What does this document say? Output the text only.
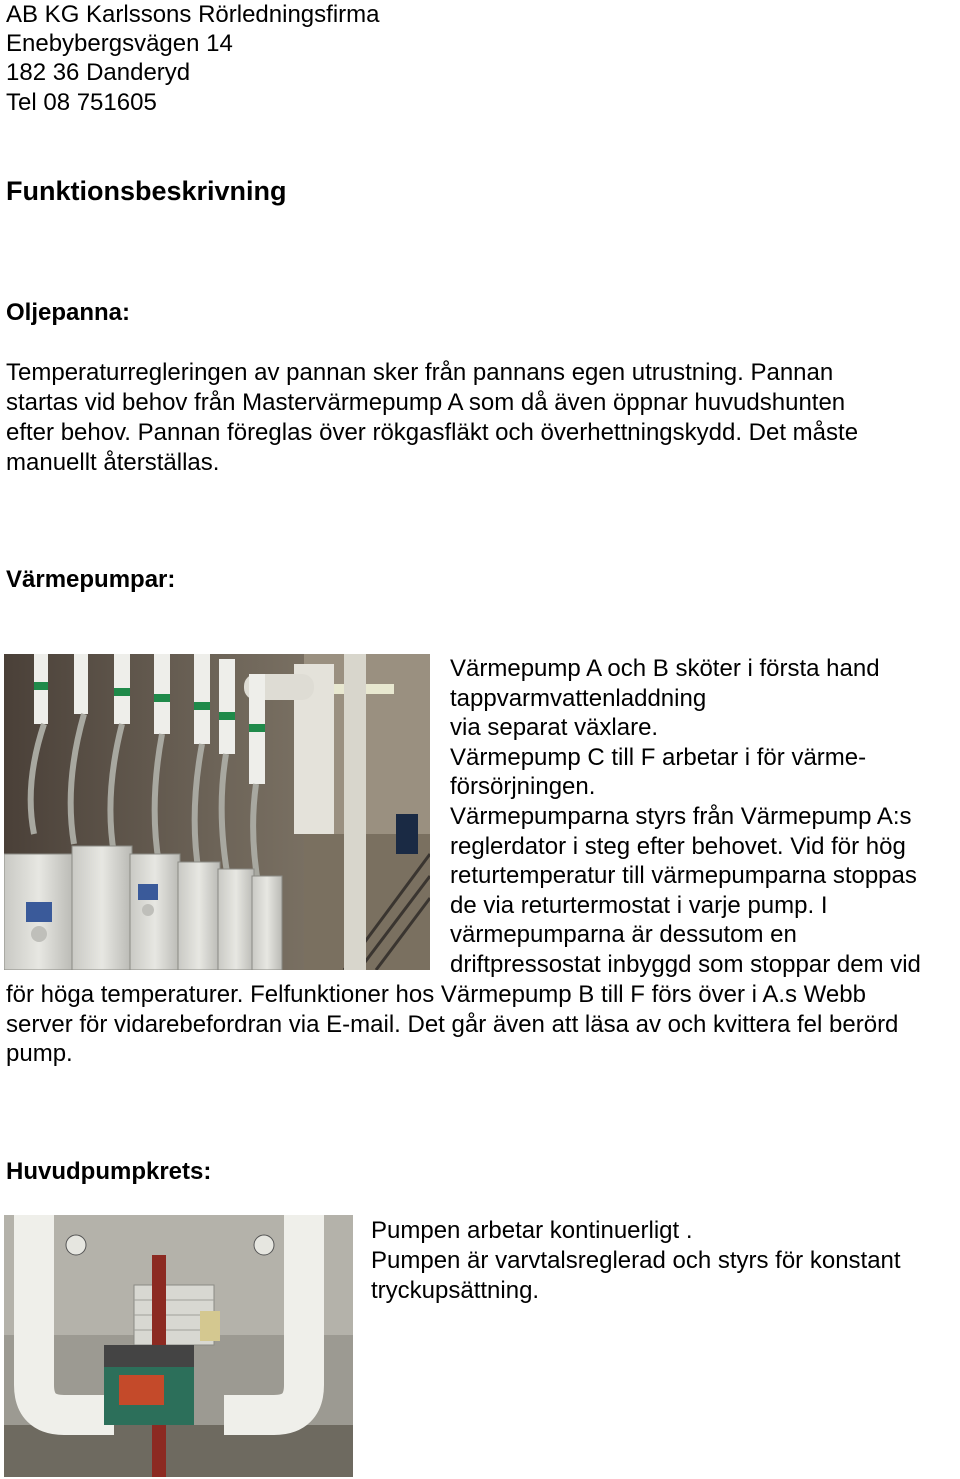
AB KG Karlssons Rörledningsfirma
Enebybergsvägen 14
182 36 Danderyd
Tel 08 751605
Funktionsbeskrivning
Oljepanna:
Temperaturregleringen av pannan sker från pannans egen utrustning. Pannan
startas vid behov från Mastervärmepump A som då även öppnar huvudshunten
efter behov. Pannan föreglas över rökgasfläkt och överhettningskydd. Det måste
manuellt återställas.
Värmepumpar:
Värmepump A och B sköter i första hand
tappvarmvattenladdning
via separat växlare.
Värmepump C till F arbetar i för värme-
försörjningen.
Värmepumparna styrs från Värmepump A:s
reglerdator i steg efter behovet. Vid för hög
returtemperatur till värmepumparna stoppas
de via returtermostat i varje pump. I
värmepumparna är dessutom en
driftpressostat inbyggd som stoppar dem vid
för höga temperaturer. Felfunktioner hos Värmepump B till F förs över i A.s Webb
server för vidarebefordran via E-mail. Det går även att läsa av och kvittera fel berörd
pump.
Huvudpumpkrets:
Pumpen arbetar kontinuerligt .
Pumpen är varvtalsreglerad och styrs för konstant
tryckupsättning.
